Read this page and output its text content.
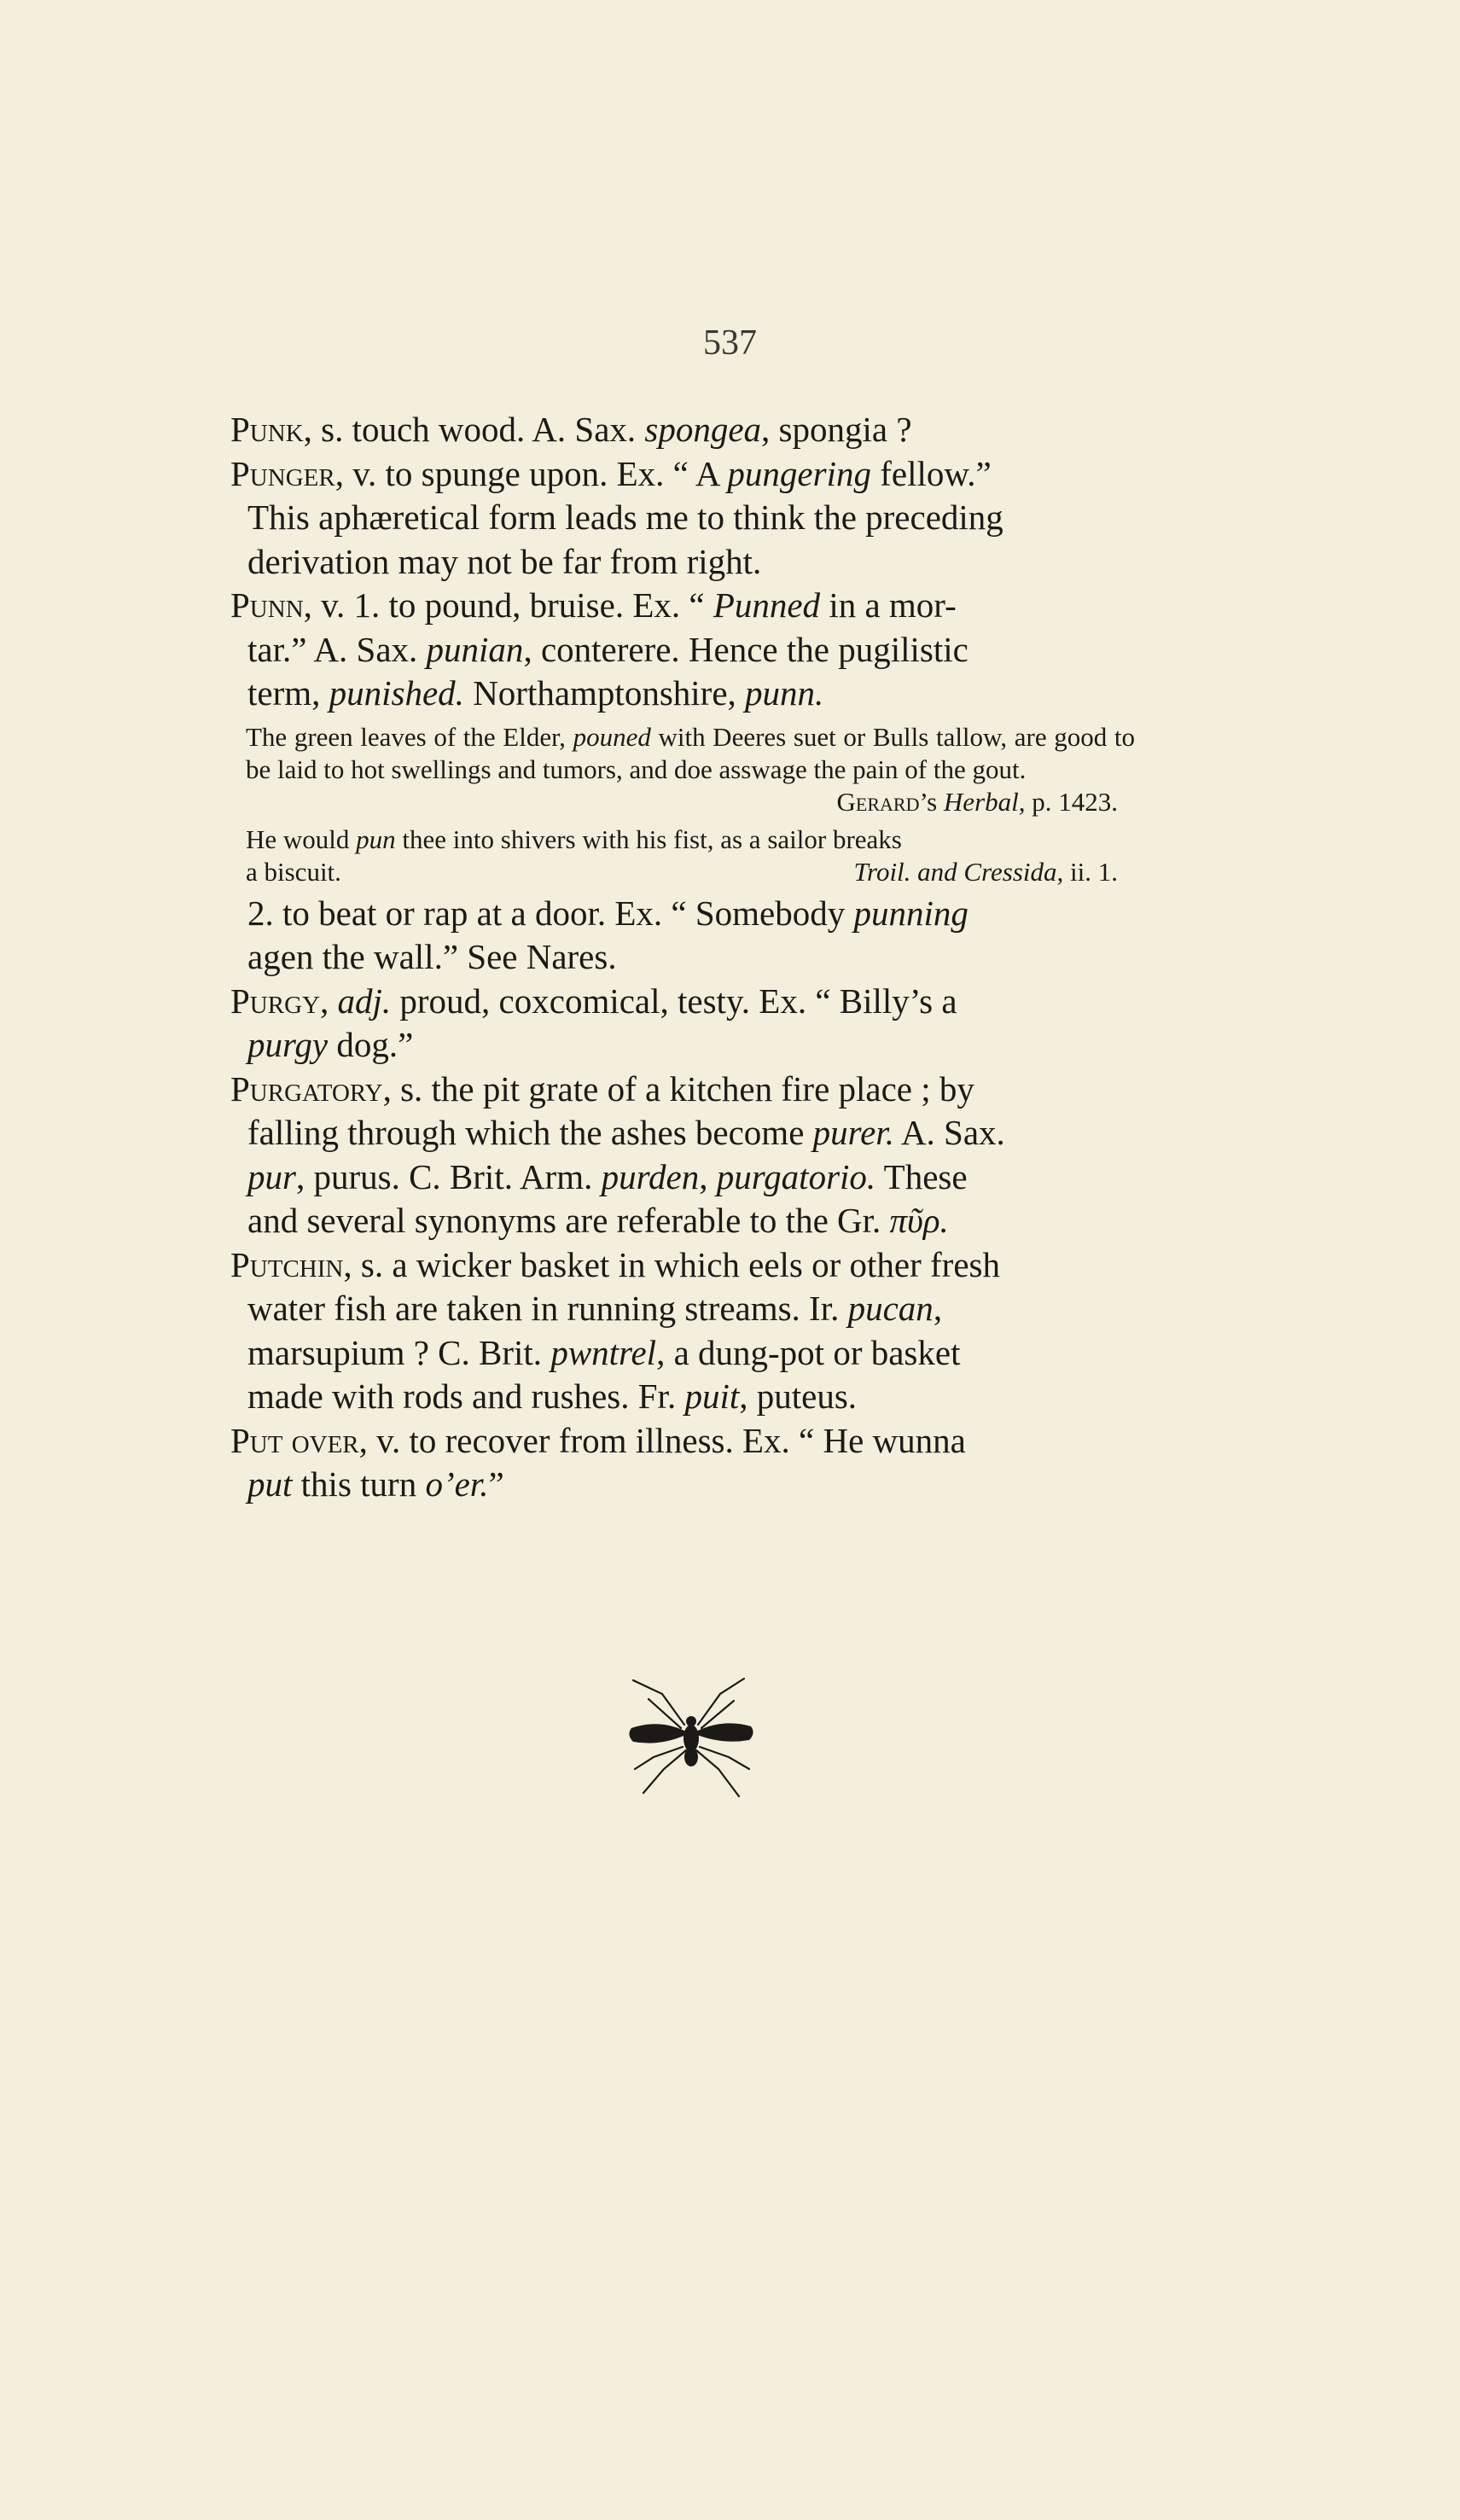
537

Punk, s. touch wood. A. Sax. spongea, spongia ?

Punger, v. to spunge upon. Ex. “ A pungering fellow.”
This aphæretical form leads me to think the preceding
derivation may not be far from right.

Punn, v. 1. to pound, bruise. Ex. “ Punned in a mor-
tar.” A. Sax. punian, conterere. Hence the pugilistic
term, punished. Northamptonshire, punn.

The green leaves of the Elder, pouned with Deeres suet or Bulls tallow, are good to be laid to hot swellings and tumors, and doe asswage the pain of the gout.
Gerard’s Herbal, p. 1423.
He would pun thee into shivers with his fist, as a sailor breaks
a biscuit.	Troil. and Cressida, ii. 1.

2. to beat or rap at a door. Ex. “ Somebody punning
agen the wall.” See Nares.

Purgy, adj. proud, coxcomical, testy. Ex. “ Billy’s a
purgy dog.”

Purgatory, s. the pit grate of a kitchen fire place ; by
falling through which the ashes become purer. A. Sax.
pur, purus. C. Brit. Arm. purden, purgatorio. These
and several synonyms are referable to the Gr. πῦρ.

Putchin, s. a wicker basket in which eels or other fresh
water fish are taken in running streams. Ir. pucan,
marsupium ? C. Brit. pwntrel, a dung-pot or basket
made with rods and rushes. Fr. puit, puteus.

Put over, v. to recover from illness. Ex. “ He wunna
put this turn o’er.”
